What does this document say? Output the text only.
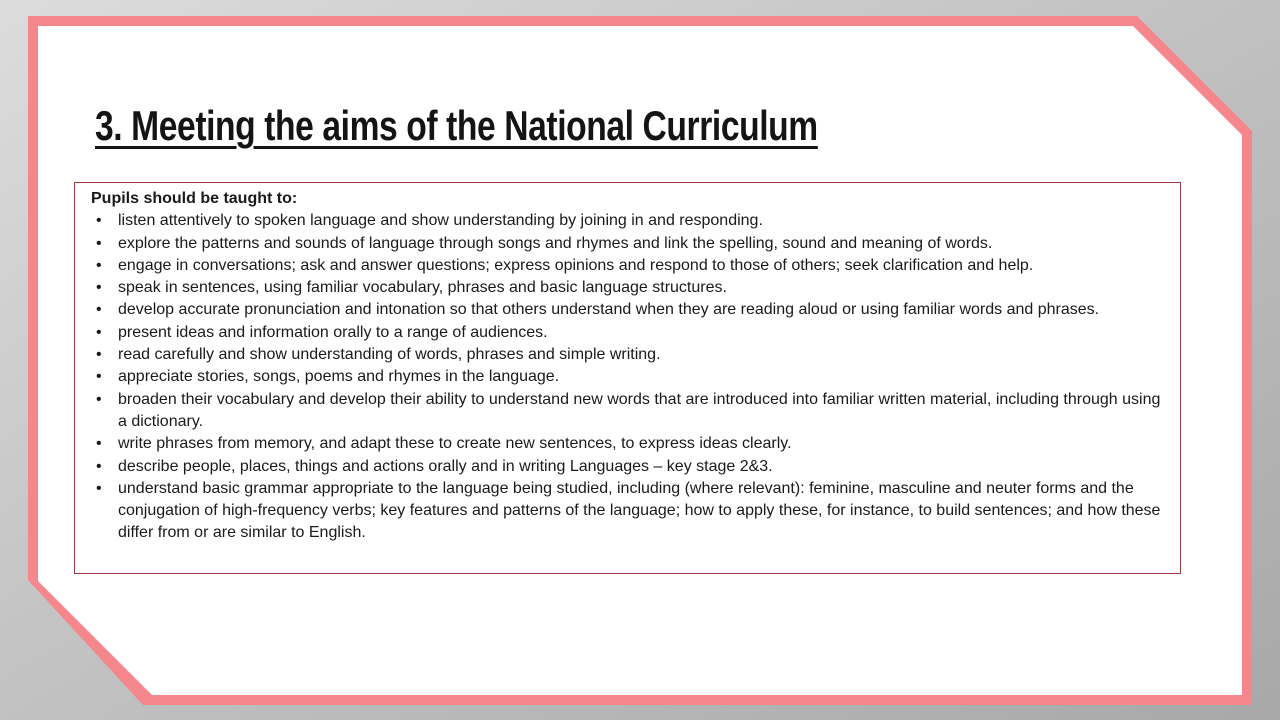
3. Meeting the aims of the National Curriculum
Pupils should be taught to:
• listen attentively to spoken language and show understanding by joining in and responding.
• explore the patterns and sounds of language through songs and rhymes and link the spelling, sound and meaning of words.
• engage in conversations; ask and answer questions; express opinions and respond to those of others; seek clarification and help.
• speak in sentences, using familiar vocabulary, phrases and basic language structures.
• develop accurate pronunciation and intonation so that others understand when they are reading aloud or using familiar words and phrases.
• present ideas and information orally to a range of audiences.
• read carefully and show understanding of words, phrases and simple writing.
• appreciate stories, songs, poems and rhymes in the language.
• broaden their vocabulary and develop their ability to understand new words that are introduced into familiar written material, including through using a dictionary.
• write phrases from memory, and adapt these to create new sentences, to express ideas clearly.
• describe people, places, things and actions orally and in writing Languages – key stage 2&3.
• understand basic grammar appropriate to the language being studied, including (where relevant): feminine, masculine and neuter forms and the conjugation of high-frequency verbs; key features and patterns of the language; how to apply these, for instance, to build sentences; and how these differ from or are similar to English.
